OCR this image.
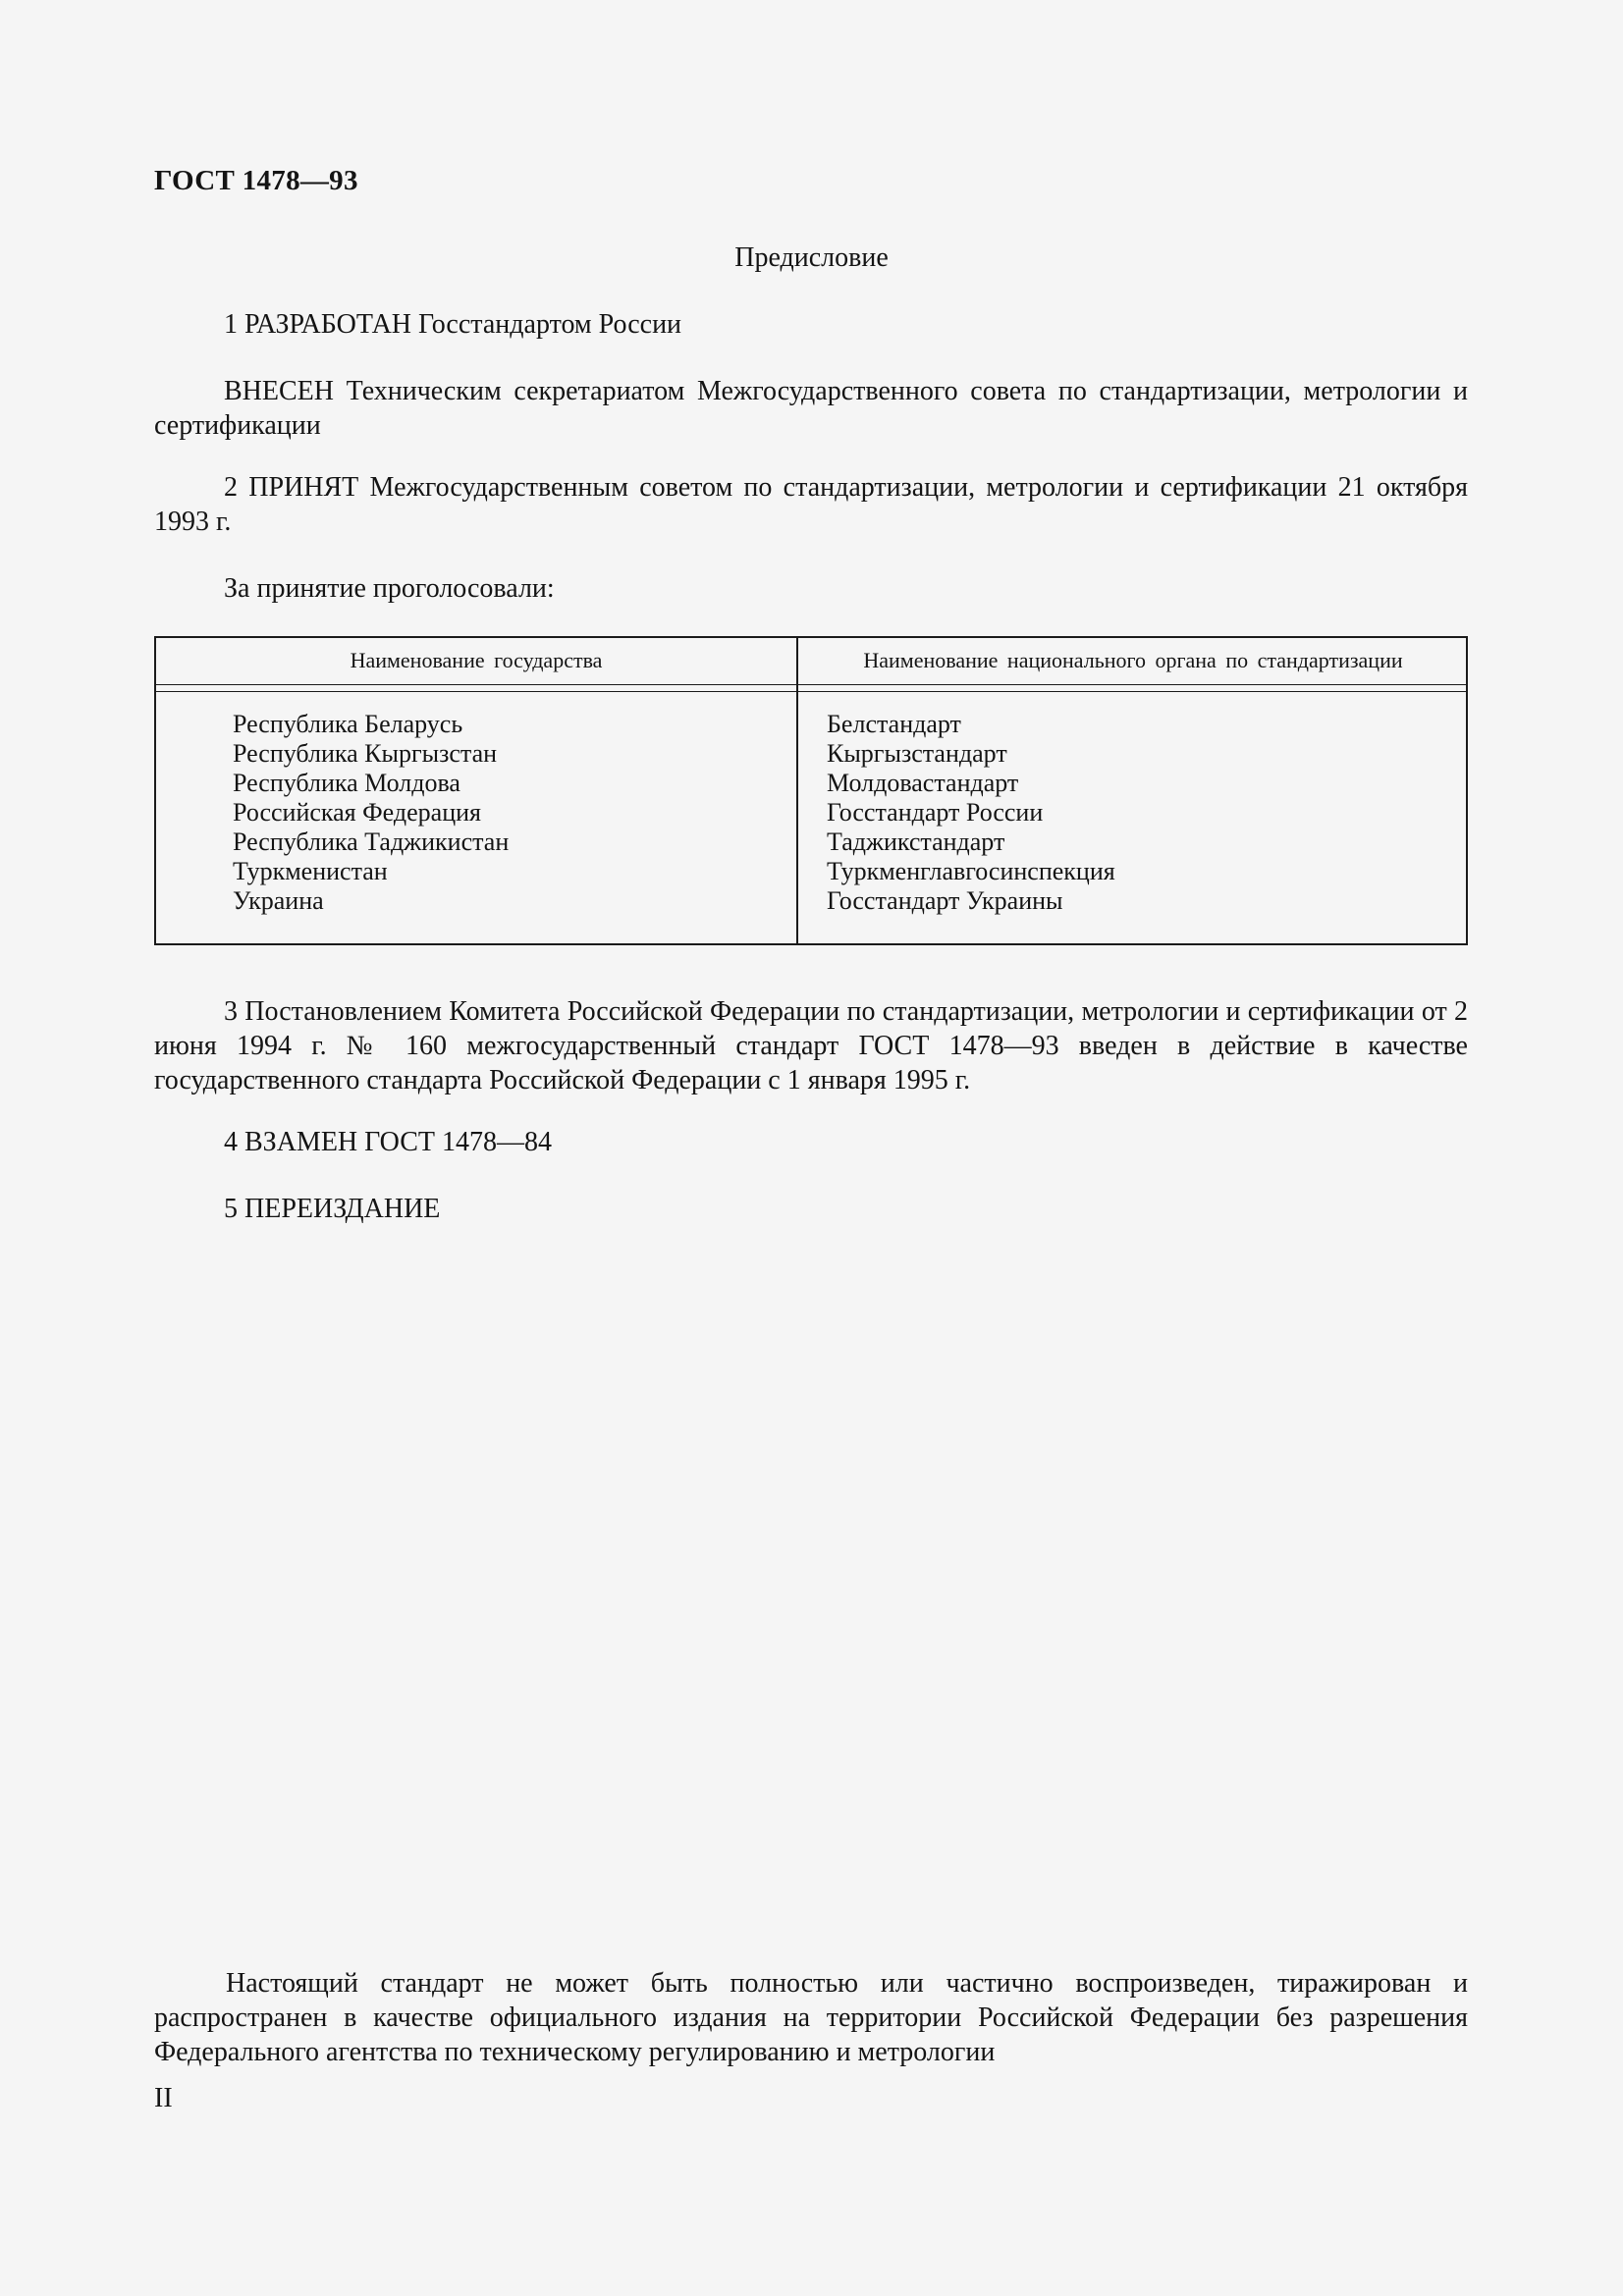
ГОСТ 1478—93
Предисловие

1 РАЗРАБОТАН Госстандартом России

ВНЕСЕН Техническим секретариатом Межгосударственного совета по стандартизации, метрологии и сертификации

2 ПРИНЯТ Межгосударственным советом по стандартизации, метрологии и сертификации 21 октября 1993 г.

За принятие проголосовали:

Наименование государства	Наименование национального органа по стандартизации
Республика Беларусь
Республика Кыргызстан
Республика Молдова
Российская Федерация
Республика Таджикистан
Туркменистан
Украина
Белстандарт
Кыргызстандарт
Молдовастандарт
Госстандарт России
Таджикстандарт
Туркменглавгосинспекция
Госстандарт Украины

3 Постановлением Комитета Российской Федерации по стандартизации, метрологии и сертификации от 2 июня 1994 г. № 160 межгосударственный стандарт ГОСТ 1478—93 введен в действие в качестве государственного стандарта Российской Федерации с 1 января 1995 г.

4 ВЗАМЕН ГОСТ 1478—84

5 ПЕРЕИЗДАНИЕ

Настоящий стандарт не может быть полностью или частично воспроизведен, тиражирован и распространен в качестве официального издания на территории Российской Федерации без разрешения Федерального агентства по техническому регулированию и метрологии

II
